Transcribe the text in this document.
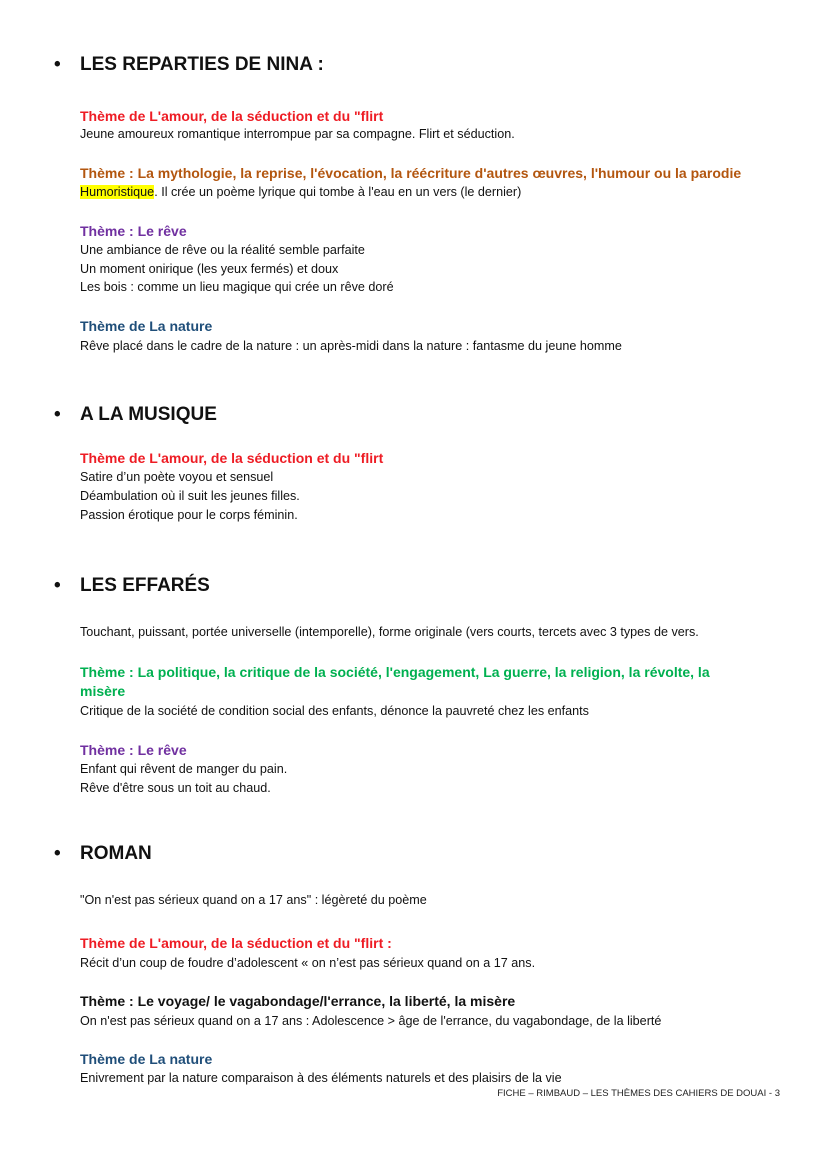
• LES REPARTIES DE NINA :
Thème de L'amour, de la séduction et du "flirt
Jeune amoureux romantique interrompue par sa compagne. Flirt et séduction.
Thème : La mythologie, la reprise, l'évocation, la réécriture d'autres œuvres, l'humour ou la parodie
Humoristique. Il crée un poème lyrique qui tombe à l'eau en un vers (le dernier)
Thème : Le rêve
Une ambiance de rêve ou la réalité semble parfaite
Un moment onirique (les yeux fermés) et doux
Les bois : comme un lieu magique qui crée un rêve doré
Thème de La nature
Rêve placé dans le cadre de la nature : un après-midi dans la nature : fantasme du jeune homme
• A LA MUSIQUE
Thème de L'amour, de la séduction et du "flirt
Satire d’un poète voyou et sensuel
Déambulation où il suit les jeunes filles.
Passion érotique pour le corps féminin.
• LES EFFARÉS
Touchant, puissant, portée universelle (intemporelle), forme originale (vers courts, tercets avec 3 types de vers.
Thème : La politique, la critique de la société, l'engagement, La guerre, la religion, la révolte, la
misère
Critique de la société de condition social des enfants, dénonce la pauvreté chez les enfants
Thème : Le rêve
Enfant qui rêvent de manger du pain.
Rêve d'être sous un toit au chaud.
• ROMAN
"On n'est pas sérieux quand on a 17 ans" : légèreté du poème
Thème de L'amour, de la séduction et du "flirt :
Récit d’un coup de foudre d’adolescent « on n’est pas sérieux quand on a 17 ans.
Thème : Le voyage/ le vagabondage/l'errance, la liberté, la misère
On n'est pas sérieux quand on a 17 ans : Adolescence > âge de l'errance, du vagabondage, de la liberté
Thème de La nature
Enivrement par la nature comparaison à des éléments naturels et des plaisirs de la vie
FICHE – RIMBAUD – LES THÈMES DES CAHIERS DE DOUAI - 3
